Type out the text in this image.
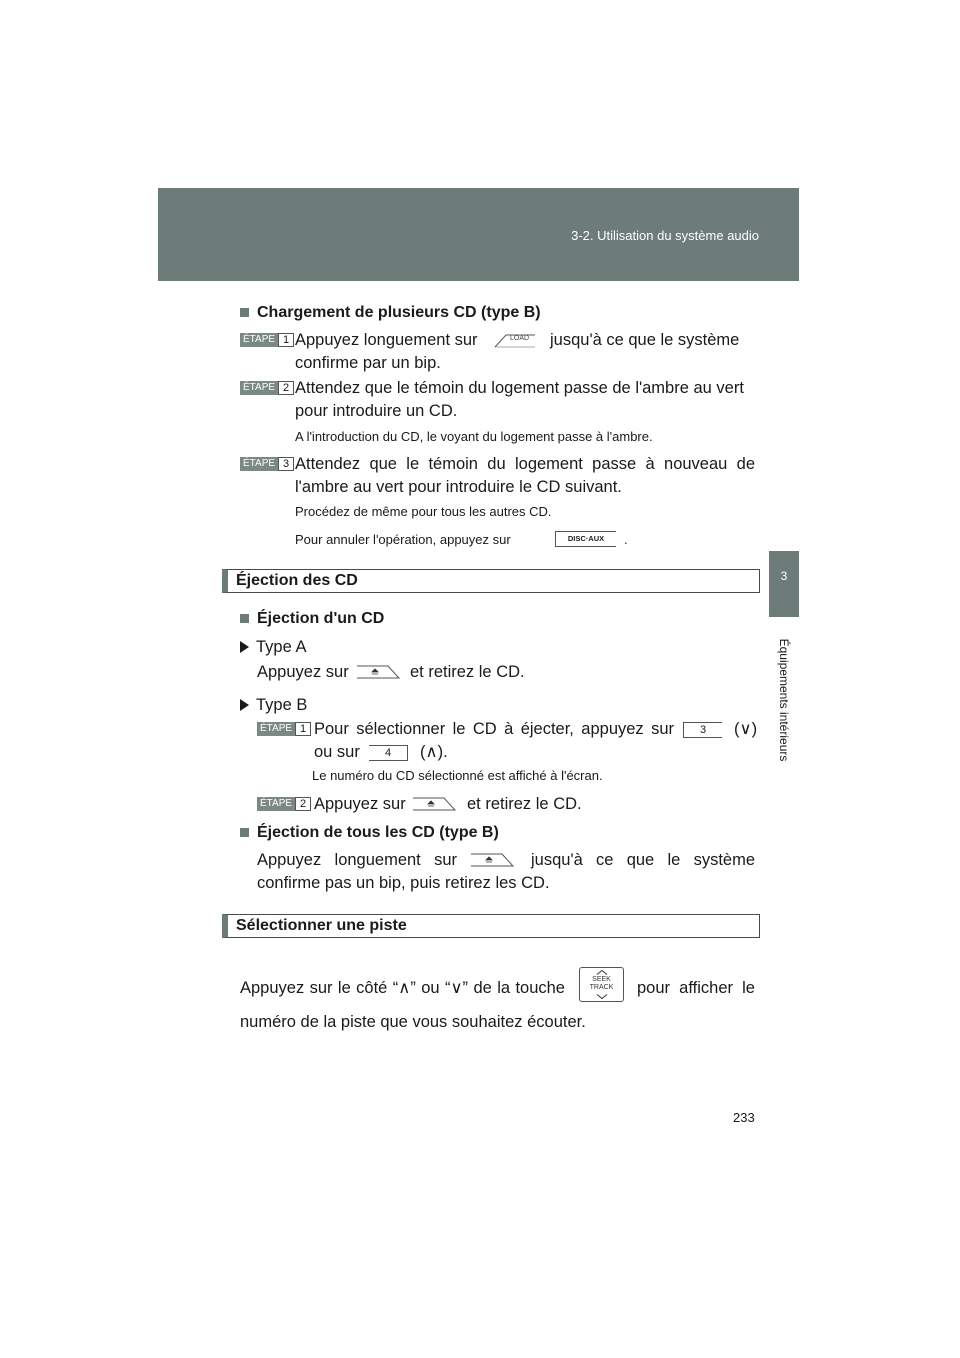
3-2. Utilisation du système audio
3
Équipements intérieurs
Chargement de plusieurs CD (type B)
ÉTAPE 1 Appuyez longuement sur	LOAD jusqu'à ce que le système
confirme par un bip.
ÉTAPE 2 Attendez que le témoin du logement passe de l'ambre au vert
pour introduire un CD.
A l'introduction du CD, le voyant du logement passe à l'ambre.
ÉTAPE 3 Attendez que le témoin du logement passe à nouveau de
l'ambre au vert pour introduire le CD suivant.
Procédez de même pour tous les autres CD.
Pour annuler l'opération, appuyez sur	DISC·AUX	.
Éjection des CD
Éjection d'un CD
Type A
Appuyez sur	et retirez le CD.
Type B
ÉTAPE 1 Pour sélectionner le CD à éjecter, appuyez sur	3	(∨)
ou sur	4	(∧).
Le numéro du CD sélectionné est affiché à l'écran.
ÉTAPE 2 Appuyez sur	et retirez le CD.
Éjection de tous les CD (type B)
Appuyez longuement sur	jusqu'à ce que le système
confirme pas un bip, puis retirez les CD.
Sélectionner une piste
Appuyez sur le côté “∧” ou “∨” de la touche	SEEK
TRACK	pour afficher le
numéro de la piste que vous souhaitez écouter.
233
